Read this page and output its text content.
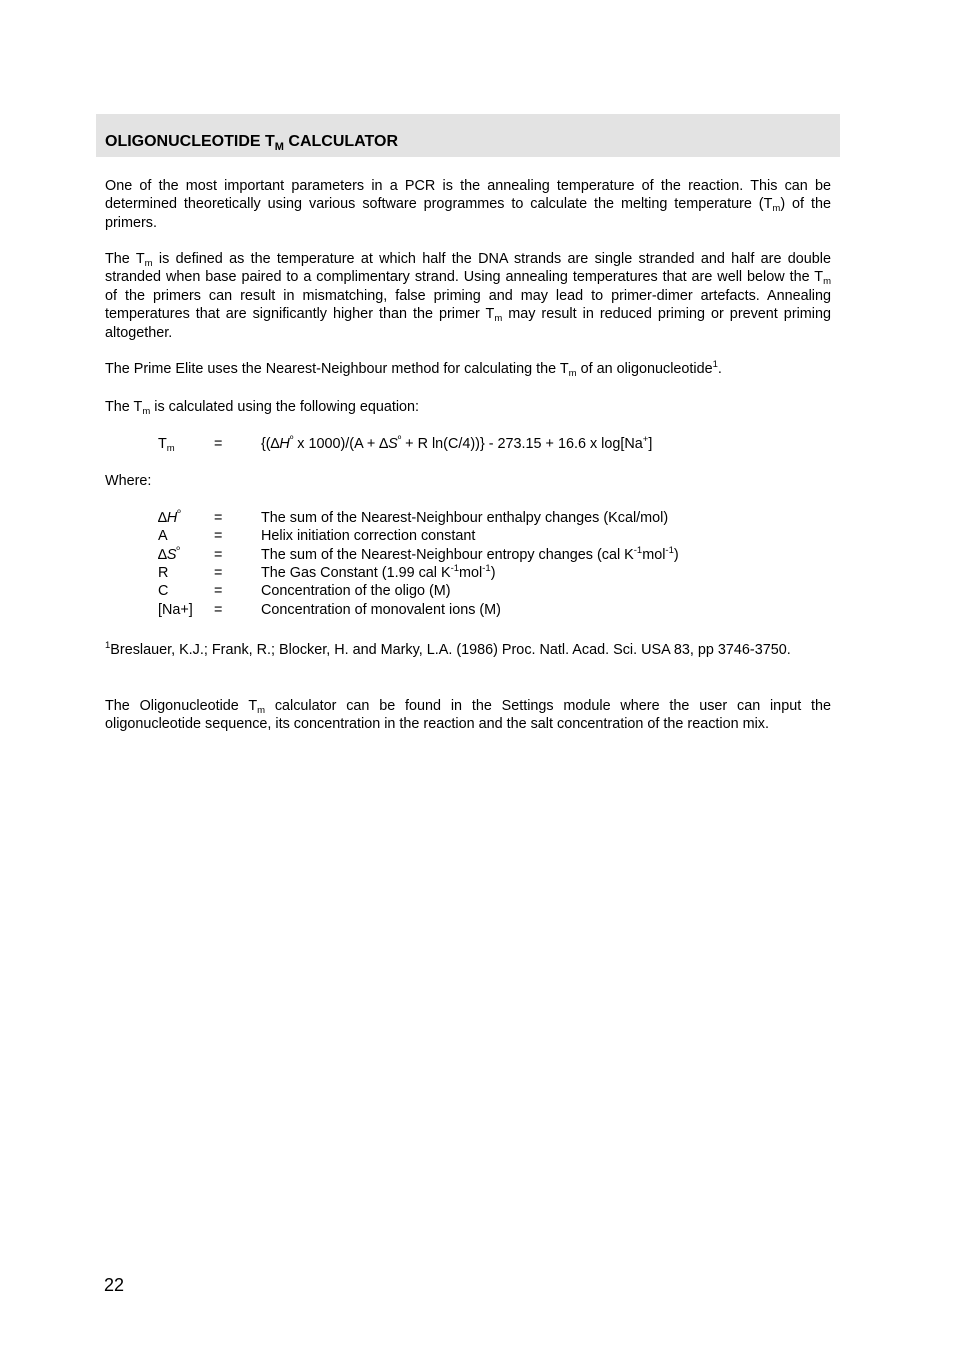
OLIGONUCLEOTIDE $T_M$ CALCULATOR

One of the most important parameters in a PCR is the annealing temperature of the reaction. This can be determined theoretically using various software programmes to calculate the melting temperature $(T_m)$ of the primers.

The $T_m$ is defined as the temperature at which half the DNA strands are single stranded and half are double stranded when base paired to a complimentary strand. Using annealing temperatures that are well below the $T_m$ of the primers can result in mismatching, false priming and may lead to primer-dimer artefacts. Annealing temperatures that are significantly higher than the primer $T_m$ may result in reduced priming or prevent priming altogether.

The Prime Elite uses the Nearest-Neighbour method for calculating the $T_m$ of an oligonucleotide$^1$.

The $T_m$ is calculated using the following equation:

$T_m$	=	{($\Delta H^º$ x $1000)/(A + \Delta S^º + R$ ln(C/4))} - 273.15 + 16.6 x log[Na+]

Where:

$\Delta H^º$ =	The sum of the Nearest-Neighbour enthalpy changes (Kcal/mol)
A	=	Helix initiation correction constant
$\Delta S^º$ =	The sum of the Nearest-Neighbour entropy changes (cal $K^{-1}mol^{-1}$)
R	=	The Gas Constant (1.99 cal $K^{-1}mol^{-1}$)
C	=	Concentration of the oligo (M)
[Na+] =	Concentration of monovalent ions (M)

$^1$Breslauer, K.J.; Frank, R.; Blocker, H. and Marky, L.A. (1986) Proc. Natl. Acad. Sci. USA 83, pp 3746-3750.

The Oligonucleotide $T_m$ calculator can be found in the Settings module where the user can input the oligonucleotide sequence, its concentration in the reaction and the salt concentration of the reaction mix.

22
